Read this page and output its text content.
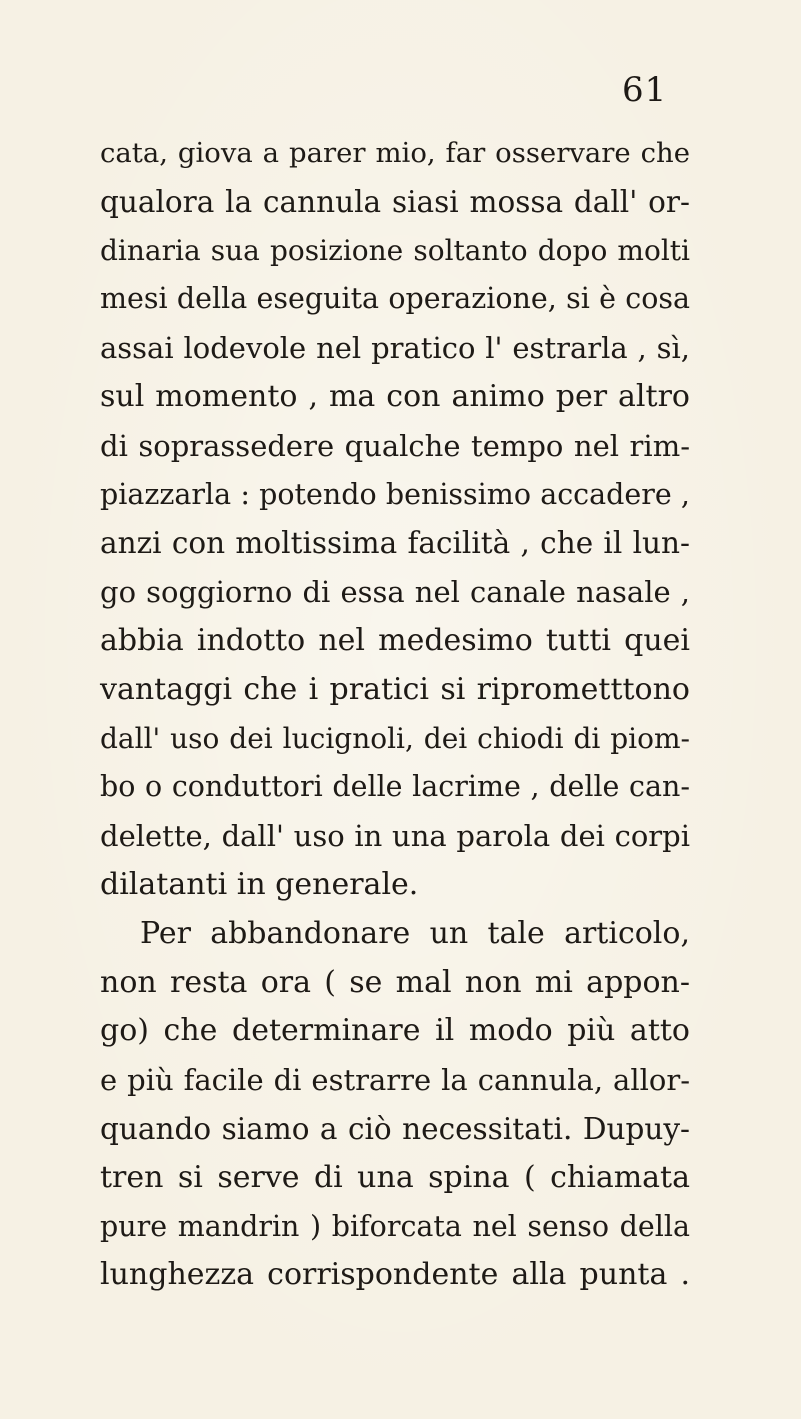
61
cata, giova a parer mio, far osservare che
qualora la cannula siasi mossa dall' or-
dinaria sua posizione soltanto dopo molti
mesi della eseguita operazione, si è cosa
assai lodevole nel pratico l' estrarla , sì,
sul momento , ma con animo per altro
di soprassedere qualche tempo nel rim-
piazzarla : potendo benissimo accadere ,
anzi con moltissima facilità , che il lun-
go soggiorno di essa nel canale nasale ,
abbia indotto nel medesimo tutti quei
vantaggi che i pratici si riprometttono
dall' uso dei lucignoli, dei chiodi di piom-
bo o conduttori delle lacrime , delle can-
delette, dall' uso in una parola dei corpi
dilatanti in generale.
Per abbandonare un tale articolo,
non resta ora ( se mal non mi appon-
go) che determinare il modo più atto
e più facile di estrarre la cannula, allor-
quando siamo a ciò necessitati. Dupuy-
tren si serve di una spina ( chiamata
pure mandrin ) biforcata nel senso della
lunghezza corrispondente alla punta .
